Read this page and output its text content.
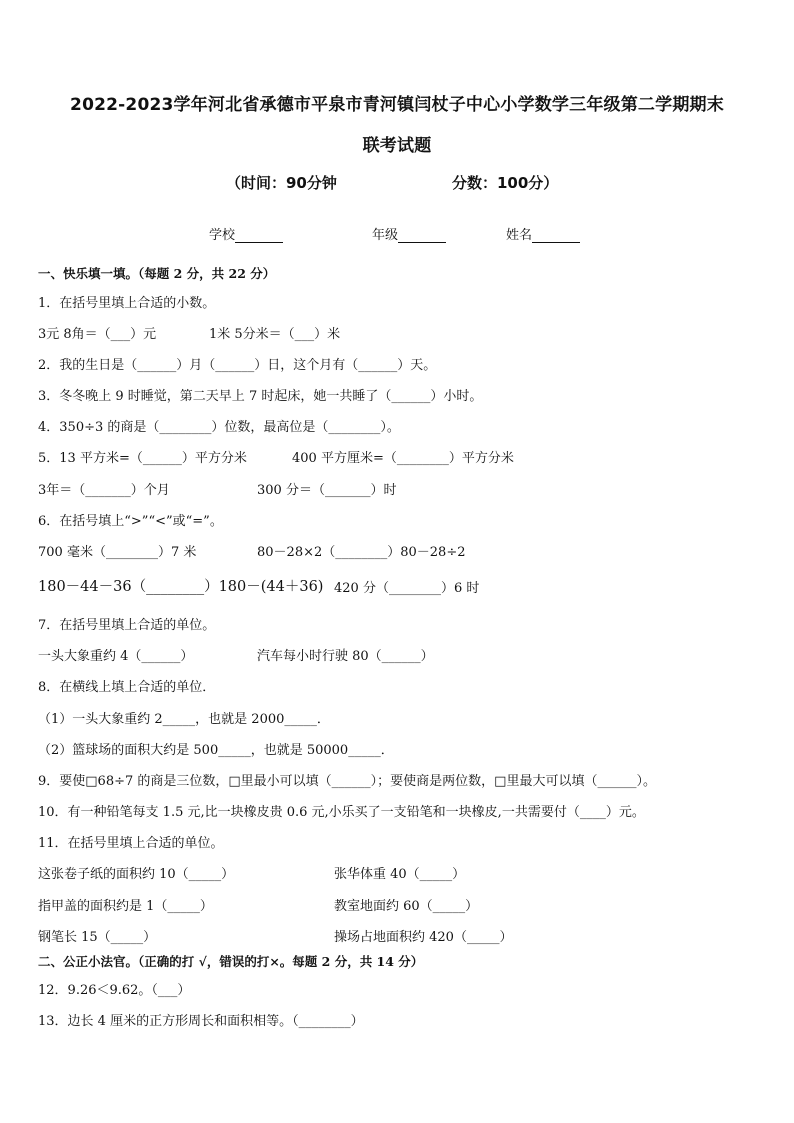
2022-2023学年河北省承德市平泉市青河镇闫杖子中心小学数学三年级第二学期期末
联考试题
（时间：90分钟	分数：100分）
学校	年级	姓名
一、快乐填一填。（每题 2 分，共 22 分）
1．在括号里填上合适的小数。
3元 8角＝（___）元	1米 5分米＝（___）米
2．我的生日是（______）月（______）日，这个月有（______）天。
3．冬冬晚上 9 时睡觉，第二天早上 7 时起床，她一共睡了（______）小时。
4．350÷3 的商是（________）位数，最高位是（________）。
5．13 平方米=（______）平方分米	400 平方厘米=（________）平方分米
3年＝（_______）个月	300 分＝（_______）时
6．在括号填上“>”“<”或“=”。
700 毫米（________）7 米	80－28×2（________）80－28÷2
180－44－36（________）180－(44＋36) 420 分（________）6 时
7．在括号里填上合适的单位。
一头大象重约 4（______）	汽车每小时行驶 80（______）
8．在横线上填上合适的单位．
（1）一头大象重约 2_____，也就是 2000_____．
（2）篮球场的面积大约是 500_____，也就是 50000_____．
9．要使□68÷7 的商是三位数，□里最小可以填（______）；要使商是两位数，□里最大可以填（______）。
10．有一种铅笔每支 1.5 元,比一块橡皮贵 0.6 元,小乐买了一支铅笔和一块橡皮,一共需要付（____）元。
11．在括号里填上合适的单位。
这张卷子纸的面积约 10（_____）	张华体重 40（_____）
指甲盖的面积约是 1（_____）	教室地面约 60（_____）
钢笔长 15（_____）	操场占地面积约 420（_____）
二、公正小法官。（正确的打 √，错误的打×。每题 2 分，共 14 分）
12．9.26＜9.62。（___）
13．边长 4 厘米的正方形周长和面积相等。（________）
